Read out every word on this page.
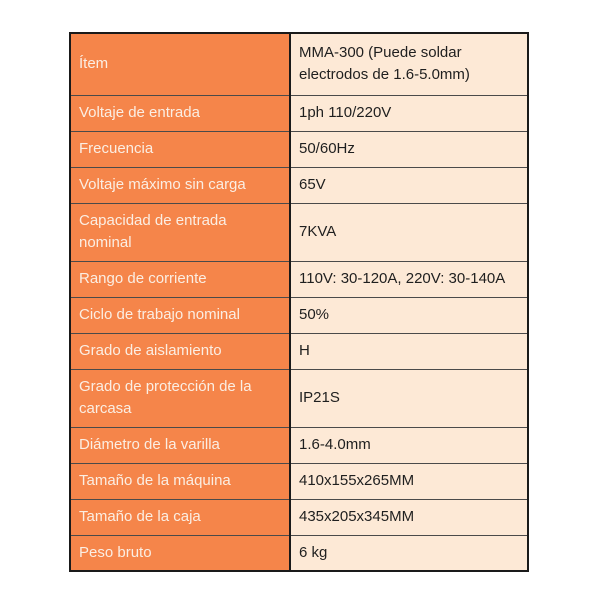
Ítem	MMA-300 (Puede soldar electrodos de 1.6-5.0mm)
Voltaje de entrada	1ph 110/220V
Frecuencia	50/60Hz
Voltaje máximo sin carga	65V
Capacidad de entrada nominal	7KVA
Rango de corriente	110V: 30-120A, 220V: 30-140A
Ciclo de trabajo nominal	50%
Grado de aislamiento	H
Grado de protección de la carcasa	IP21S
Diámetro de la varilla	1.6-4.0mm
Tamaño de la máquina	410x155x265MM
Tamaño de la caja	435x205x345MM
Peso bruto	6 kg
